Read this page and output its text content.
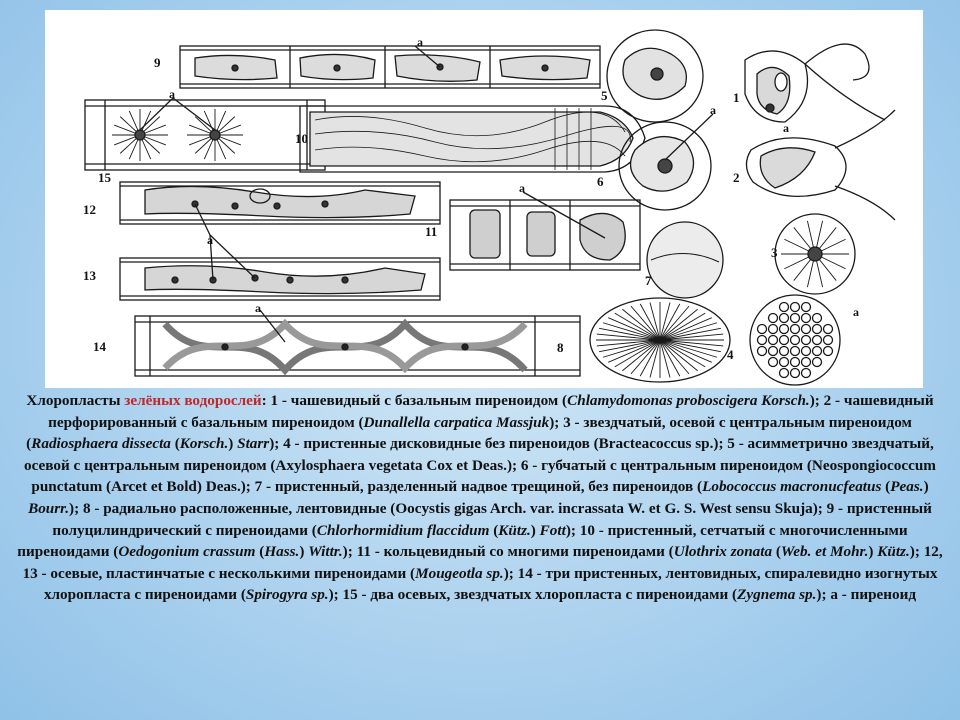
9
15
10
12
13
11
14
5
6
7
8
1
2
3
4
a
a
a
a
a
a
a
a
Хлоропласты зелёных водорослей: 1 - чашевидный с базальным пиреноидом (Chlamydomonas proboscigera Korsch.); 2 - чашевидный перфорированный с базальным пиреноидом (Dunallella carpatica Massjuk); 3 - звездчатый, осевой с центральным пиреноидом (Radiosphaera dissecta (Korsch.) Starr); 4 - пристенные дисковидные без пиреноидов (Bracteacoccus sp.); 5 - асимметрично звездчатый, осевой с центральным пиреноидом (Axylosphaera vegetata Cox et Deas.); 6 - губчатый с центральным пиреноидом (Neospongiococcum punctatum (Arcet et Bold) Deas.); 7 - пристенный, разделенный надвое трещиной, без пиреноидов (Lobococcus macronucfeatus (Peas.) Bourr.); 8 - радиально расположенные, лентовидные (Oocystis gigas Arch. var. incrassata W. et G. S. West sensu Skuja); 9 - пристенный полуцилиндрический с пиреноидами (Chlorhormidium flaccidum (Kütz.) Fott); 10 - пристенный, сетчатый с многочисленными пиреноидами (Oedogonium crassum (Hass.) Wittr.); 11 - кольцевидный со многими пиреноидами (Ulothrix zonata (Web. et Mohr.) Kütz.); 12, 13 - осевые, пластинчатые с несколькими пиреноидами (Mougeotla sp.); 14 - три пристенных, лентовидных, спиралевидно изогнутых хлоропласта с пиреноидами (Spirogyra sp.); 15 - два осевых, звездчатых хлоропласта с пиреноидами (Zygnema sp.); а - пиреноид
